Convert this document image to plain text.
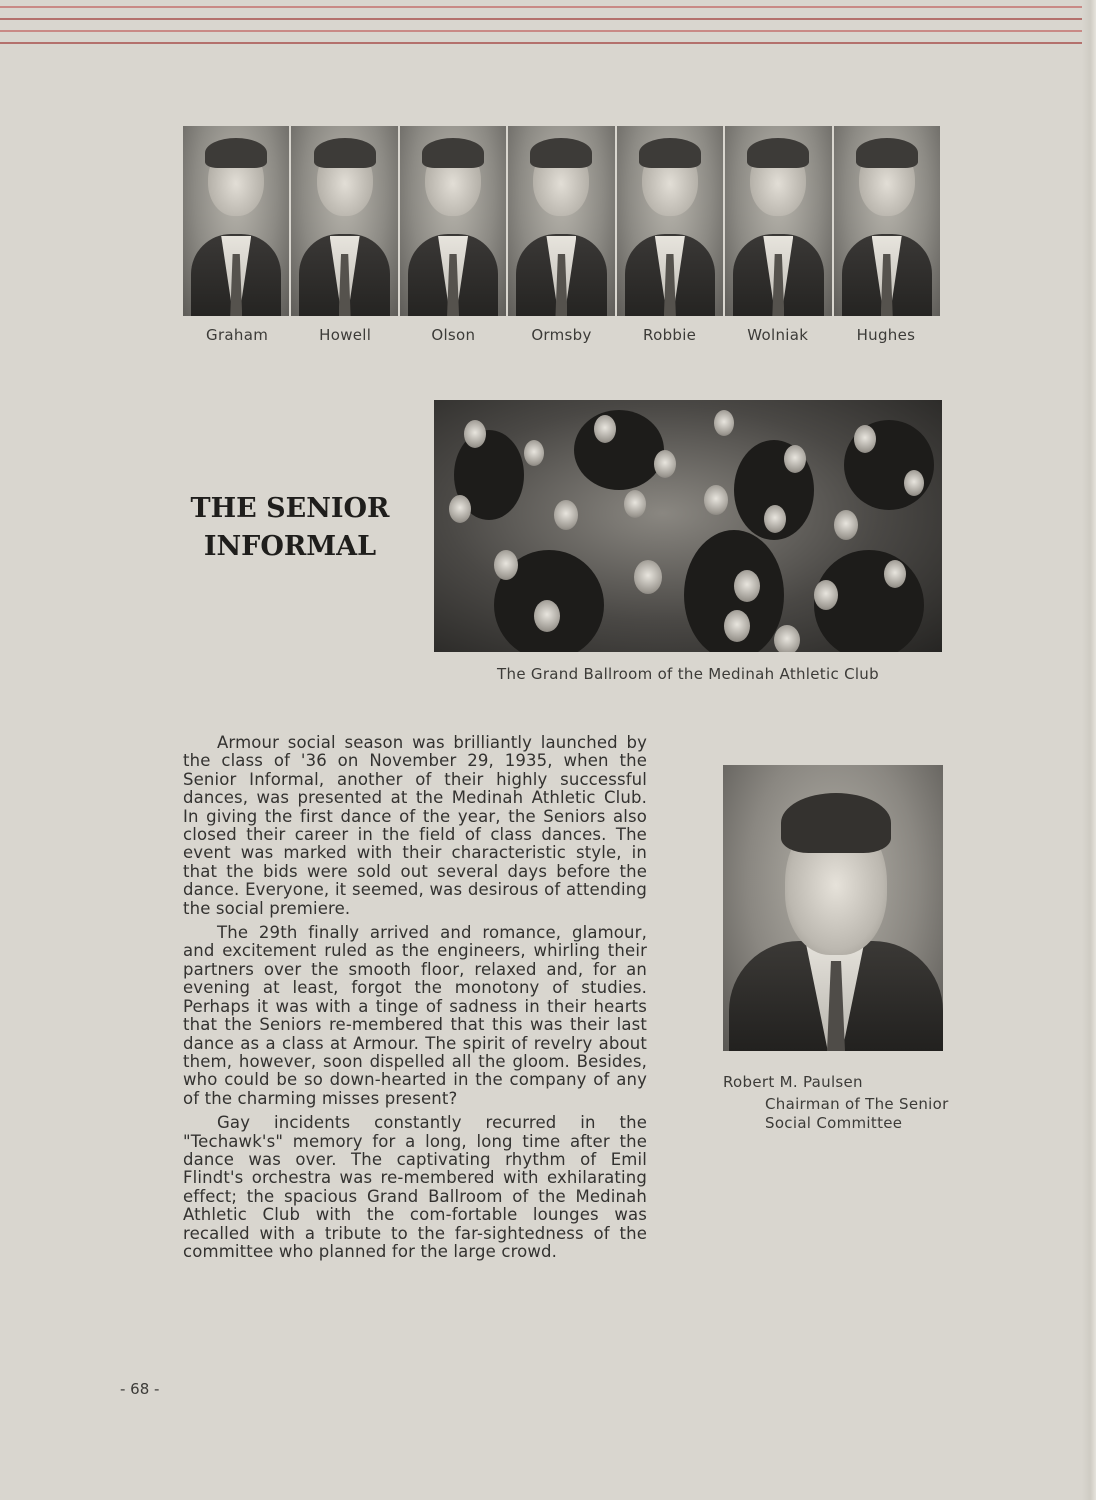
Graham	Howell	Olson	Ormsby	Robbie	Wolniak	Hughes
THE SENIOR
INFORMAL
The Grand Ballroom of the Medinah Athletic Club

Armour social season was brilliantly launched by the class of '36 on November 29, 1935, when the Senior Informal, another of their highly successful dances, was presented at the Medinah Athletic Club. In giving the first dance of the year, the Seniors also closed their career in the field of class dances. The event was marked with their characteristic style, in that the bids were sold out several days before the dance. Everyone, it seemed, was desirous of attending the social premiere.

The 29th finally arrived and romance, glamour, and excitement ruled as the engineers, whirling their partners over the smooth floor, relaxed and, for an evening at least, forgot the monotony of studies. Perhaps it was with a tinge of sadness in their hearts that the Seniors re-membered that this was their last dance as a class at Armour. The spirit of revelry about them, however, soon dispelled all the gloom. Besides, who could be so down-hearted in the company of any of the charming misses present?

Gay incidents constantly recurred in the "Techawk's" memory for a long, long time after the dance was over. The captivating rhythm of Emil Flindt's orchestra was re-membered with exhilarating effect; the spacious Grand Ballroom of the Medinah Athletic Club with the com-fortable lounges was recalled with a tribute to the far-sightedness of the committee who planned for the large crowd.

Robert M. Paulsen
Chairman of The Senior
Social Committee
- 68 -
